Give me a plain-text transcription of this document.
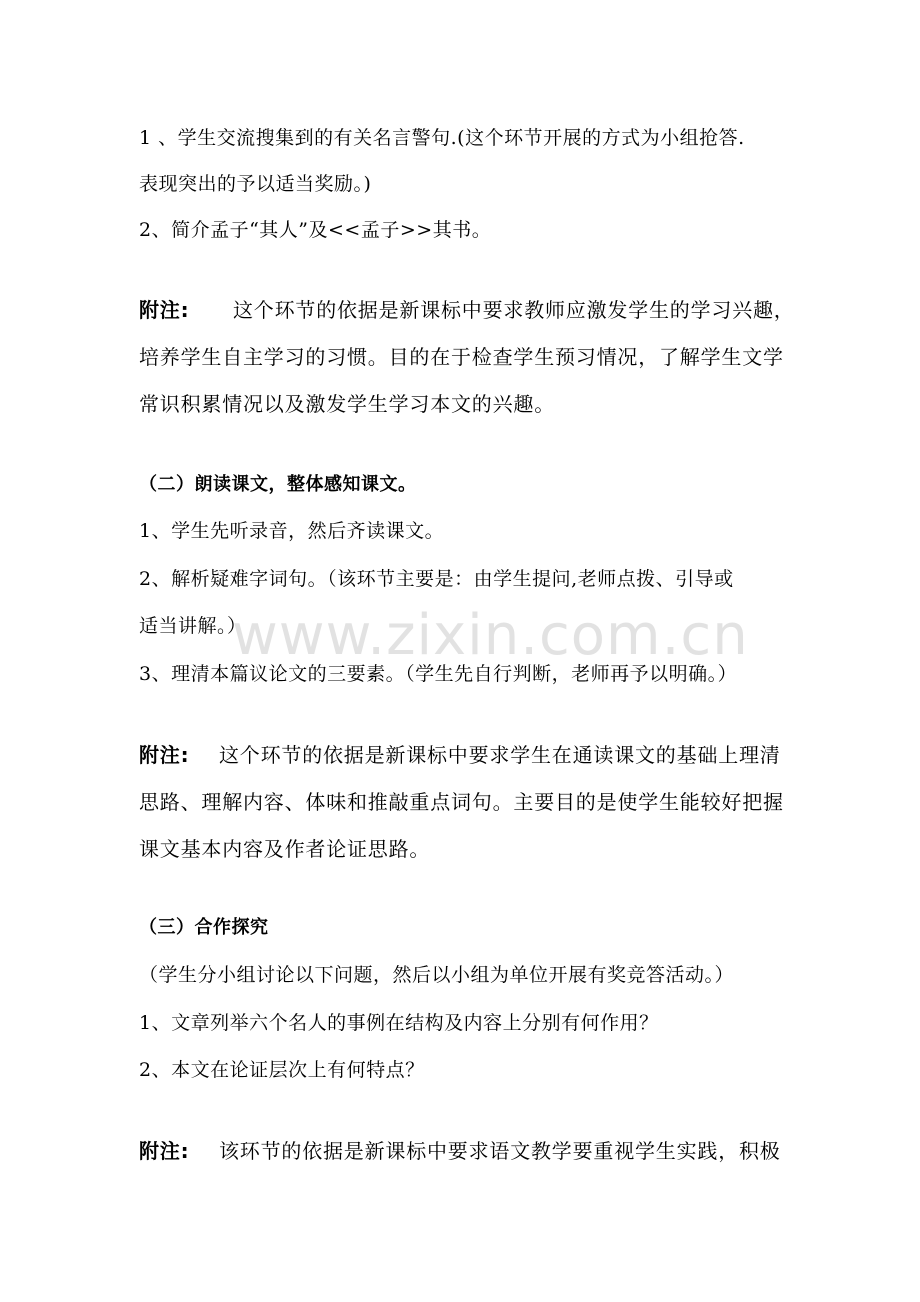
1 、学生交流搜集到的有关名言警句.(这个环节开展的方式为小组抢答.
表现突出的予以适当奖励。)
2、简介孟子“其人”及<<孟子>>其书。
附注: 这个环节的依据是新课标中要求教师应激发学生的学习兴趣，
培养学生自主学习的习惯。目的在于检查学生预习情况，了解学生文学
常识积累情况以及激发学生学习本文的兴趣。
（二）朗读课文，整体感知课文。
1、学生先听录音，然后齐读课文。
2、解析疑难字词句。（该环节主要是：由学生提问,老师点拨、引导或
适当讲解。）
3、理清本篇议论文的三要素。（学生先自行判断，老师再予以明确。）
附注: 这个环节的依据是新课标中要求学生在通读课文的基础上理清
思路、理解内容、体味和推敲重点词句。主要目的是使学生能较好把握
课文基本内容及作者论证思路。
（三）合作探究
（学生分小组讨论以下问题，然后以小组为单位开展有奖竞答活动。）
1、文章列举六个名人的事例在结构及内容上分别有何作用？
2、本文在论证层次上有何特点？
附注: 该环节的依据是新课标中要求语文教学要重视学生实践，积极
www.zixin.com.cn
